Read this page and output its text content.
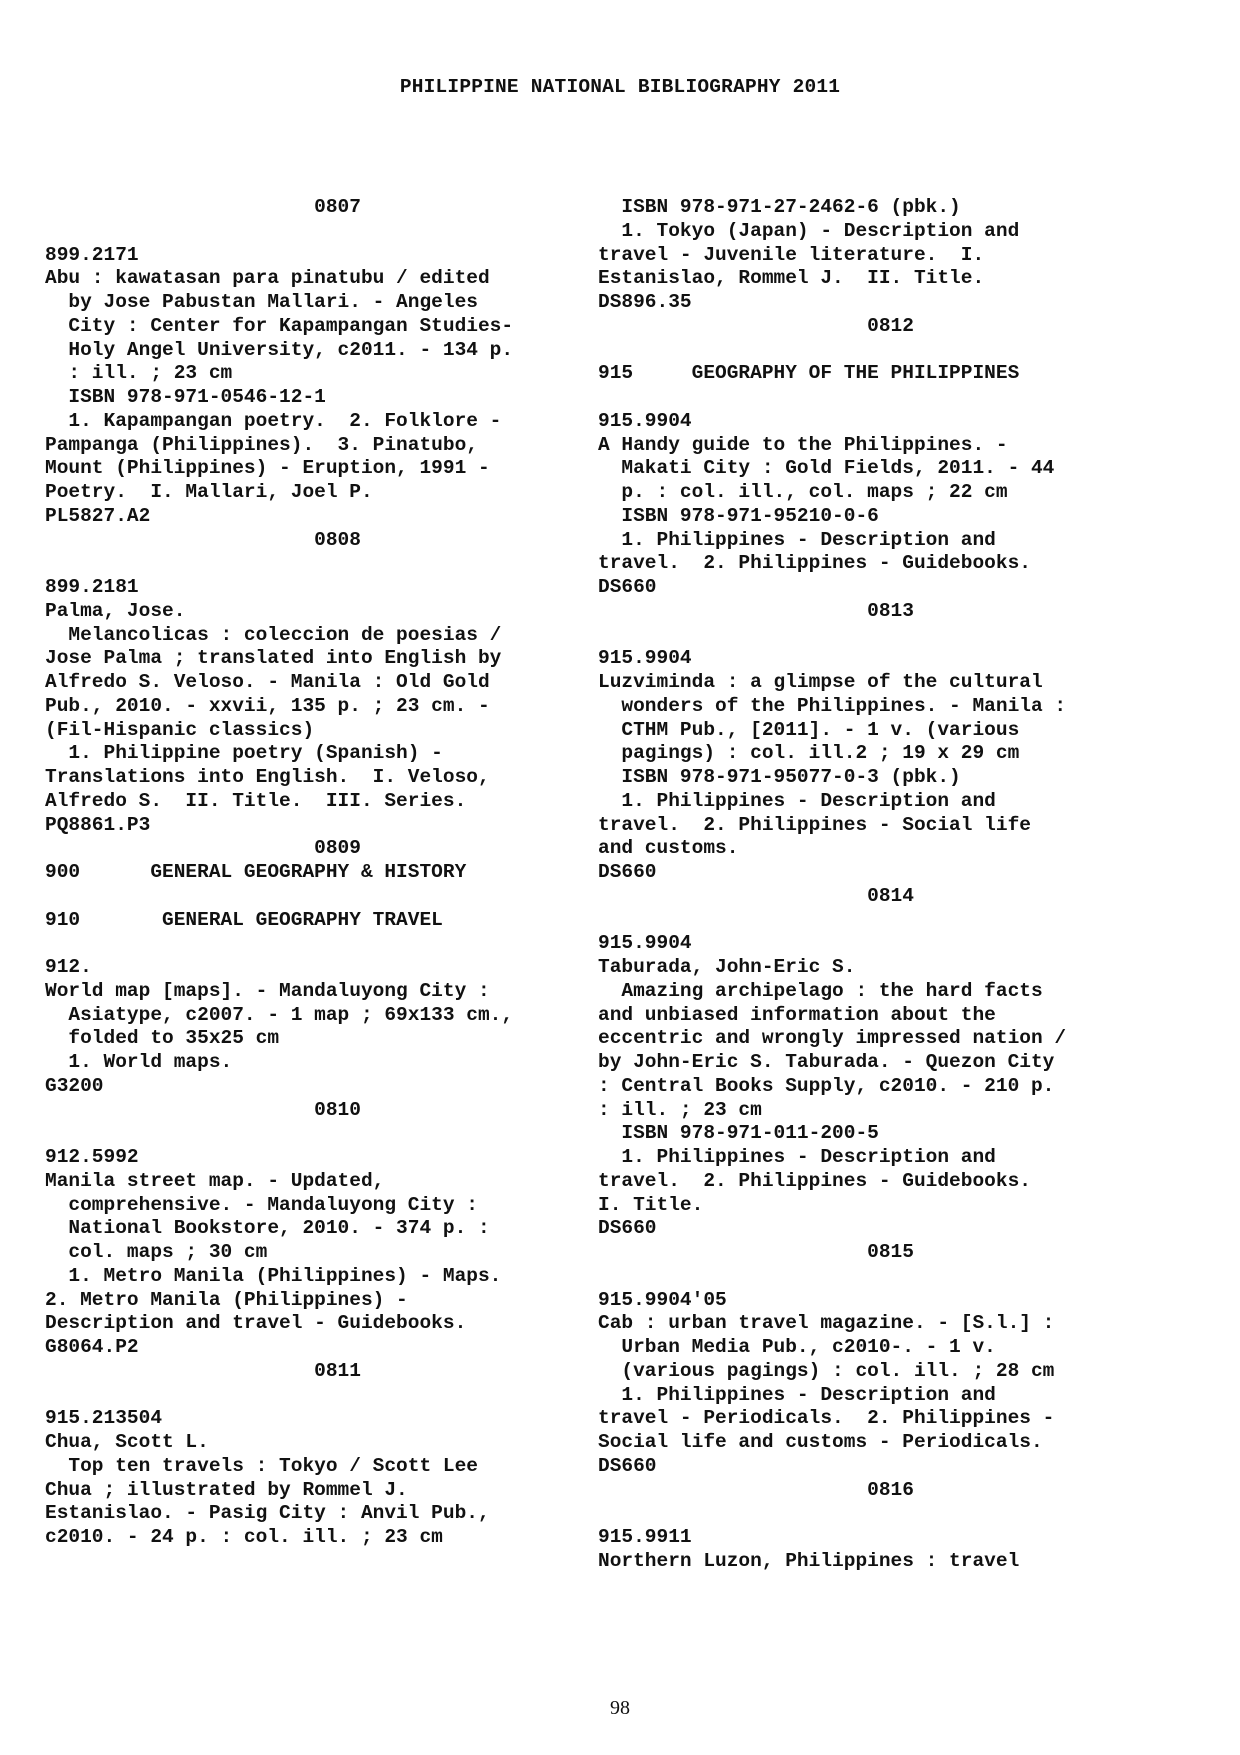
PHILIPPINE NATIONAL BIBLIOGRAPHY 2011
0807
899.2171
Abu : kawatasan para pinatubu / edited
by Jose Pabustan Mallari. - Angeles
City : Center for Kapampangan Studies-
Holy Angel University, c2011. - 134 p.
: ill. ; 23 cm
ISBN 978-971-0546-12-1
1. Kapampangan poetry.  2. Folklore -
Pampanga (Philippines).  3. Pinatubo,
Mount (Philippines) - Eruption, 1991 -
Poetry.  I. Mallari, Joel P.
PL5827.A2
0808
899.2181
Palma, Jose.
Melancolicas : coleccion de poesias /
Jose Palma ; translated into English by
Alfredo S. Veloso. - Manila : Old Gold
Pub., 2010. - xxvii, 135 p. ; 23 cm. -
(Fil-Hispanic classics)
1. Philippine poetry (Spanish) -
Translations into English.  I. Veloso,
Alfredo S.  II. Title.  III. Series.
PQ8861.P3
0809
900      GENERAL GEOGRAPHY & HISTORY
910       GENERAL GEOGRAPHY TRAVEL
912.
World map [maps]. - Mandaluyong City :
Asiatype, c2007. - 1 map ; 69x133 cm.,
folded to 35x25 cm
1. World maps.
G3200
0810
912.5992
Manila street map. - Updated,
comprehensive. - Mandaluyong City :
National Bookstore, 2010. - 374 p. :
col. maps ; 30 cm
1. Metro Manila (Philippines) - Maps.
2. Metro Manila (Philippines) -
Description and travel - Guidebooks.
G8064.P2
0811
915.213504
Chua, Scott L.
Top ten travels : Tokyo / Scott Lee
Chua ; illustrated by Rommel J.
Estanislao. - Pasig City : Anvil Pub.,
c2010. - 24 p. : col. ill. ; 23 cm
ISBN 978-971-27-2462-6 (pbk.)
1. Tokyo (Japan) - Description and
travel - Juvenile literature.  I.
Estanislao, Rommel J.  II. Title.
DS896.35
0812
915     GEOGRAPHY OF THE PHILIPPINES
915.9904
A Handy guide to the Philippines. -
Makati City : Gold Fields, 2011. - 44
p. : col. ill., col. maps ; 22 cm
ISBN 978-971-95210-0-6
1. Philippines - Description and
travel.  2. Philippines - Guidebooks.
DS660
0813
915.9904
Luzviminda : a glimpse of the cultural
wonders of the Philippines. - Manila :
CTHM Pub., [2011]. - 1 v. (various
pagings) : col. ill.2 ; 19 x 29 cm
ISBN 978-971-95077-0-3 (pbk.)
1. Philippines - Description and
travel.  2. Philippines - Social life
and customs.
DS660
0814
915.9904
Taburada, John-Eric S.
Amazing archipelago : the hard facts
and unbiased information about the
eccentric and wrongly impressed nation /
by John-Eric S. Taburada. - Quezon City
: Central Books Supply, c2010. - 210 p.
: ill. ; 23 cm
ISBN 978-971-011-200-5
1. Philippines - Description and
travel.  2. Philippines - Guidebooks.
I. Title.
DS660
0815
915.9904'05
Cab : urban travel magazine. - [S.l.] :
Urban Media Pub., c2010-. - 1 v.
(various pagings) : col. ill. ; 28 cm
1. Philippines - Description and
travel - Periodicals.  2. Philippines -
Social life and customs - Periodicals.
DS660
0816
915.9911
Northern Luzon, Philippines : travel
98
